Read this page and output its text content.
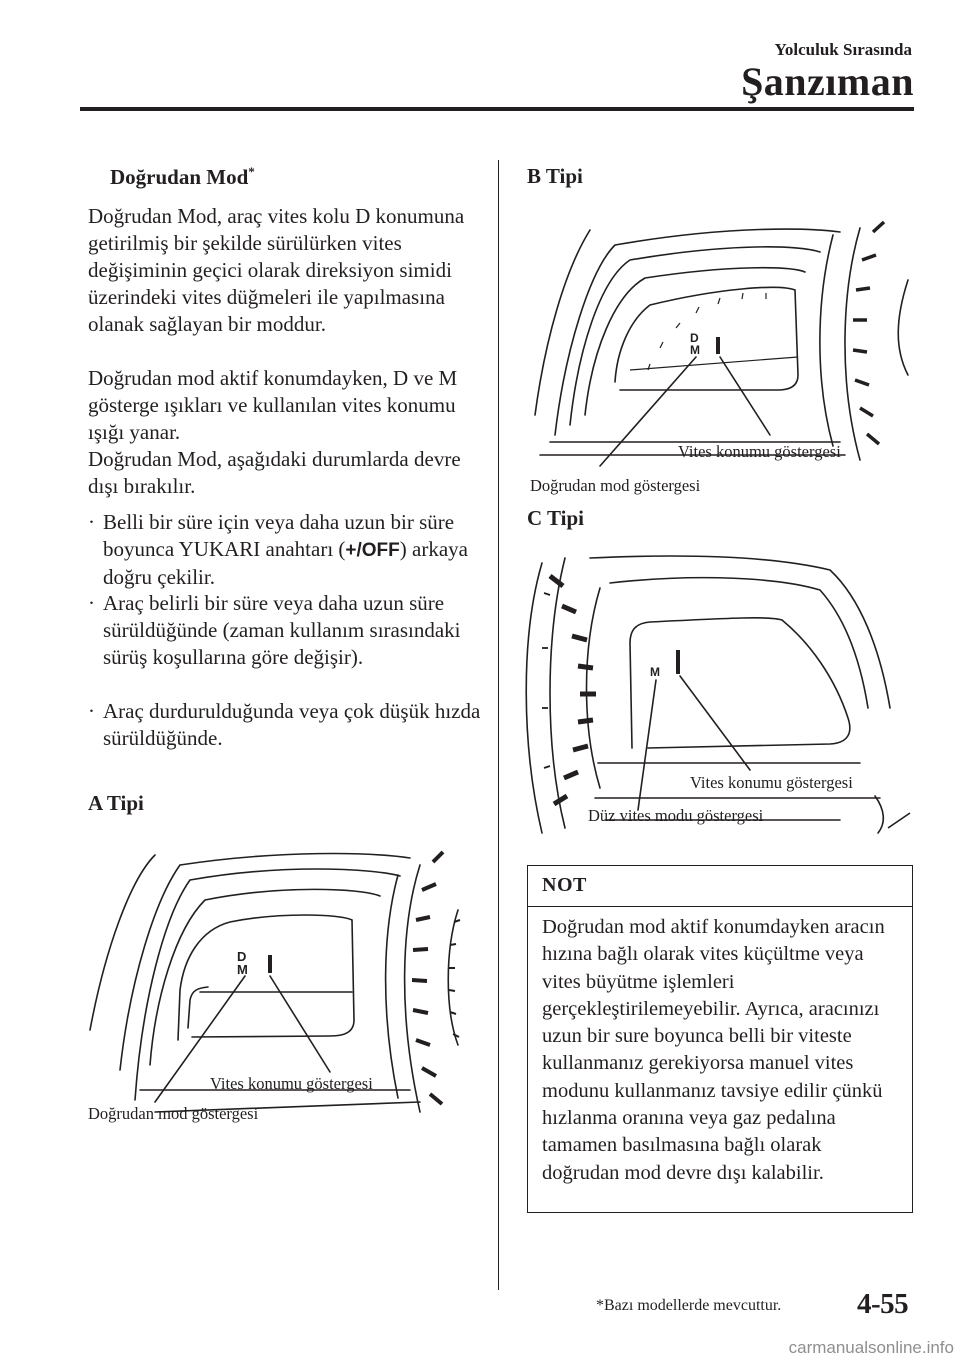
Yolculuk Sırasında
Şanzıman
Doğrudan Mod*

Doğrudan Mod, araç vites kolu D konumuna getirilmiş bir şekilde sürülürken vites değişiminin geçici olarak direksiyon simidi üzerindeki vites düğmeleri ile yapılmasına olanak sağlayan bir moddur.

Doğrudan mod aktif konumdayken, D ve M gösterge ışıkları ve kullanılan vites konumu ışığı yanar.

Doğrudan Mod, aşağıdaki durumlarda devre dışı bırakılır.

· Belli bir süre için veya daha uzun bir süre boyunca YUKARI anahtarı (+/OFF) arkaya doğru çekilir.
· Araç belirli bir süre veya daha uzun süre sürüldüğünde (zaman kullanım sırasındaki sürüş koşullarına göre değişir).
· Araç durdurulduğunda veya çok düşük hızda sürüldüğünde.
A Tipi
D
M
Vites konumu göstergesi
Doğrudan mod göstergesi
B Tipi
D
M
Vites konumu göstergesi
Doğrudan mod göstergesi
C Tipi
M
Vites konumu göstergesi
Düz vites modu göstergesi
NOT

Doğrudan mod aktif konumdayken aracın hızına bağlı olarak vites küçültme veya vites büyütme işlemleri gerçekleştirilemeyebilir. Ayrıca, aracınızı uzun bir sure boyunca belli bir viteste kullanmanız gerekiyorsa manuel vites modunu kullanmanız tavsiye edilir çünkü hızlanma oranına veya gaz pedalına tamamen basılmasına bağlı olarak doğrudan mod devre dışı kalabilir.

*Bazı modellerde mevcuttur.	4-55
carmanualsonline.info
